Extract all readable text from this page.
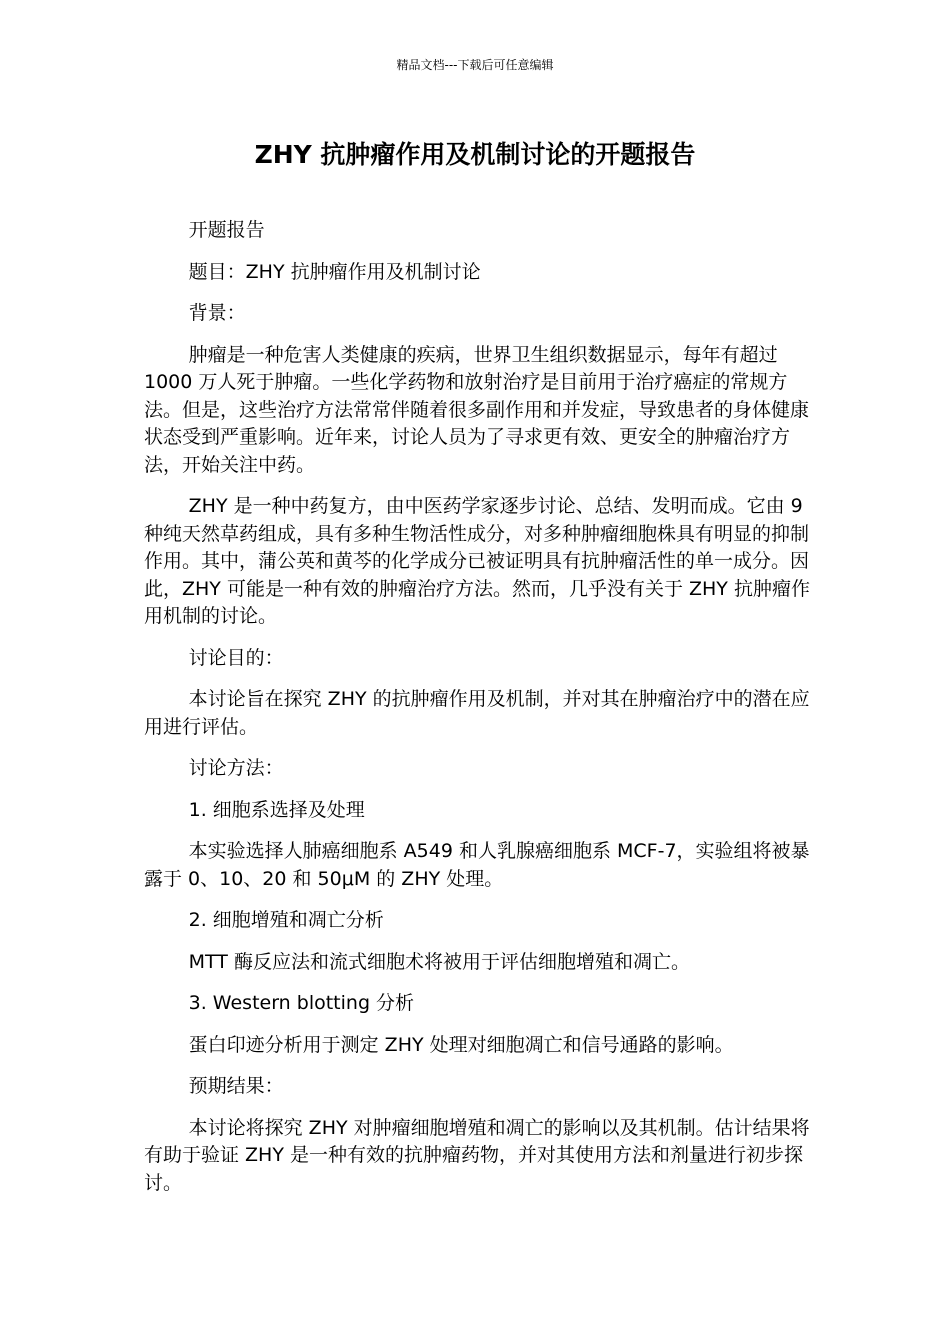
精品文档---下载后可任意编辑
ZHY 抗肿瘤作用及机制讨论的开题报告

开题报告

题目：ZHY 抗肿瘤作用及机制讨论

背景：

肿瘤是一种危害人类健康的疾病，世界卫生组织数据显示，每年有超过 1000 万人死于肿瘤。一些化学药物和放射治疗是目前用于治疗癌症的常规方法。但是，这些治疗方法常常伴随着很多副作用和并发症，导致患者的身体健康状态受到严重影响。近年来，讨论人员为了寻求更有效、更安全的肿瘤治疗方法，开始关注中药。

ZHY 是一种中药复方，由中医药学家逐步讨论、总结、发明而成。它由 9 种纯天然草药组成，具有多种生物活性成分，对多种肿瘤细胞株具有明显的抑制作用。其中，蒲公英和黄芩的化学成分已被证明具有抗肿瘤活性的单一成分。因此，ZHY 可能是一种有效的肿瘤治疗方法。然而，几乎没有关于 ZHY 抗肿瘤作用机制的讨论。

讨论目的：

本讨论旨在探究 ZHY 的抗肿瘤作用及机制，并对其在肿瘤治疗中的潜在应用进行评估。

讨论方法：

1. 细胞系选择及处理

本实验选择人肺癌细胞系 A549 和人乳腺癌细胞系 MCF-7，实验组将被暴露于 0、10、20 和 50μM 的 ZHY 处理。

2. 细胞增殖和凋亡分析

MTT 酶反应法和流式细胞术将被用于评估细胞增殖和凋亡。

3. Western blotting 分析

蛋白印迹分析用于测定 ZHY 处理对细胞凋亡和信号通路的影响。

预期结果：

本讨论将探究 ZHY 对肿瘤细胞增殖和凋亡的影响以及其机制。估计结果将有助于验证 ZHY 是一种有效的抗肿瘤药物，并对其使用方法和剂量进行初步探讨。
